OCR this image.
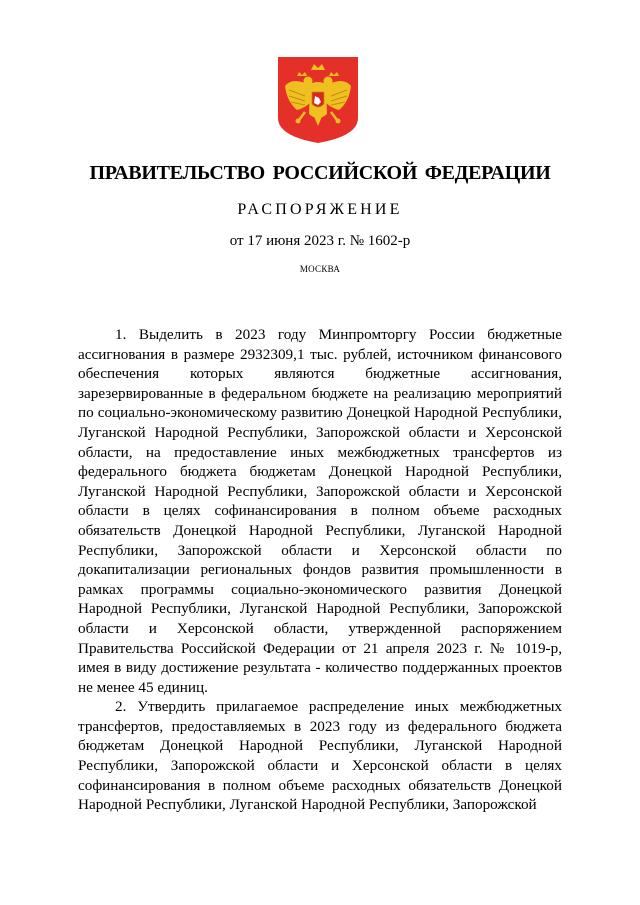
ПРАВИТЕЛЬСТВО РОССИЙСКОЙ ФЕДЕРАЦИИ
РАСПОРЯЖЕНИЕ
от 17 июня 2023 г. № 1602-р
МОСКВА

1. Выделить в 2023 году Минпромторгу России бюджетные ассигнования в размере 2932309,1 тыс. рублей, источником финансового обеспечения которых являются бюджетные ассигнования, зарезервированные в федеральном бюджете на реализацию мероприятий по социально-экономическому развитию Донецкой Народной Республики, Луганской Народной Республики, Запорожской области и Херсонской области, на предоставление иных межбюджетных трансфертов из федерального бюджета бюджетам Донецкой Народной Республики, Луганской Народной Республики, Запорожской области и Херсонской области в целях софинансирования в полном объеме расходных обязательств Донецкой Народной Республики, Луганской Народной Республики, Запорожской области и Херсонской области по докапитализации региональных фондов развития промышленности в рамках программы социально-экономического развития Донецкой Народной Республики, Луганской Народной Республики, Запорожской области и Херсонской области, утвержденной распоряжением Правительства Российской Федерации от 21 апреля 2023 г. № 1019-р, имея в виду достижение результата - количество поддержанных проектов не менее 45 единиц.

2. Утвердить прилагаемое распределение иных межбюджетных трансфертов, предоставляемых в 2023 году из федерального бюджета бюджетам Донецкой Народной Республики, Луганской Народной Республики, Запорожской области и Херсонской области в целях софинансирования в полном объеме расходных обязательств Донецкой Народной Республики, Луганской Народной Республики, Запорожской
